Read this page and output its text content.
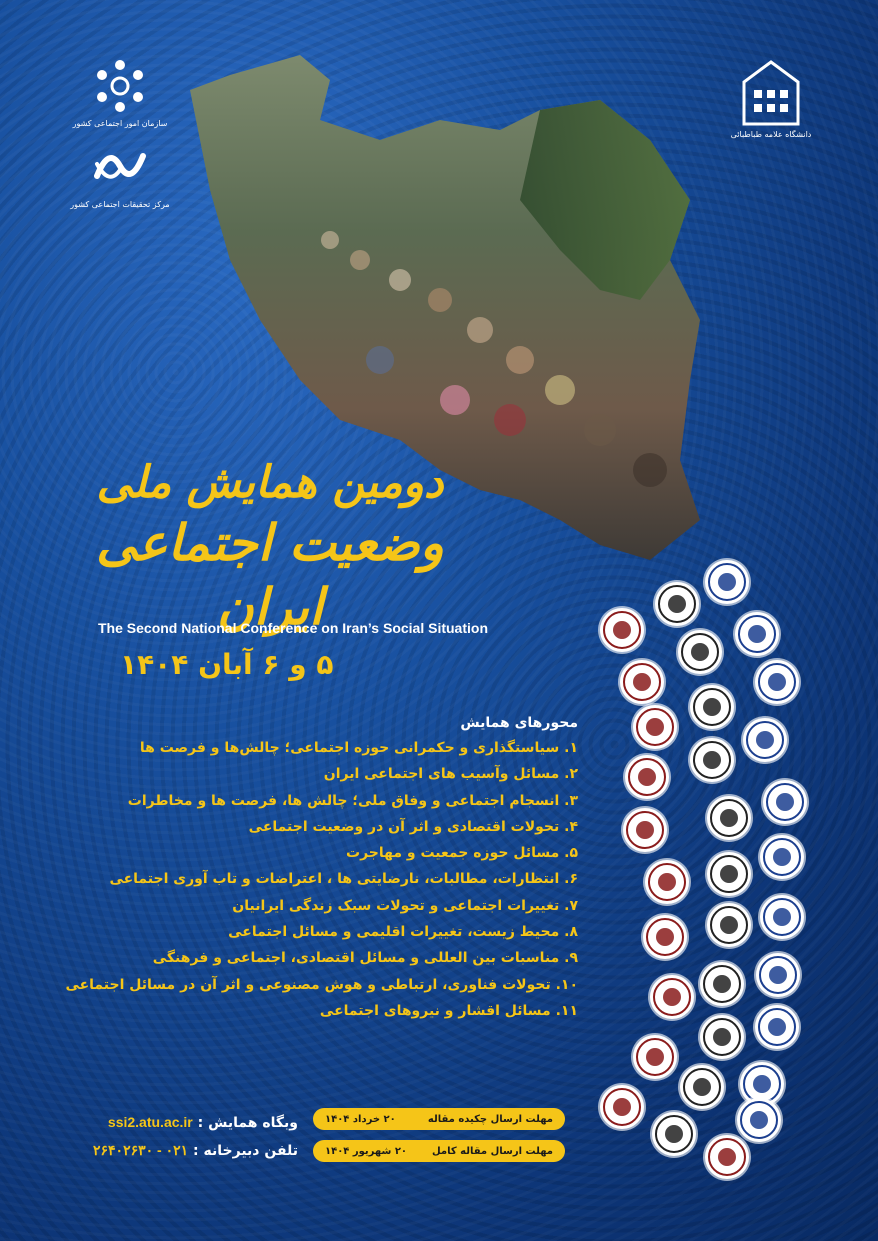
سازمان امور اجتماعی کشور
مرکز تحقیقات اجتماعی کشور
دانشگاه علامه طباطبائی
دومین همایش ملی
وضعیت اجتماعی ایران
The Second National Conference on Iran’s Social Situation
۵ و ۶ آبان ۱۴۰۴
محورهای همایش
۱. سیاستگذاری و حکمرانی حوزه اجتماعی؛ چالش‌ها و فرصت ها
۲. مسائل وآسیب های اجتماعی ایران
۳. انسجام اجتماعی و وفاق ملی؛ چالش ها، فرصت ها و مخاطرات
۴. تحولات اقتصادی و اثر آن در وضعیت اجتماعی
۵. مسائل حوزه جمعیت و مهاجرت
۶. انتظارات، مطالبات، نارضایتی ها ، اعتراضات و تاب آوری اجتماعی
۷. تغییرات اجتماعی و تحولات سبک زندگی ایرانیان
۸. محیط زیست، تغییرات اقلیمی و مسائل اجتماعی
۹. مناسبات بین العللی و مسائل اقتصادی، اجتماعی و فرهنگی
۱۰. تحولات فناوری، ارتباطی و هوش مصنوعی و اثر آن در مسائل اجتماعی
۱۱. مسائل اقشار و نیروهای اجتماعی
مهلت ارسال چکیده مقاله
۲۰ خرداد ۱۴۰۴
مهلت ارسال مقاله کامل
۲۰ شهریور ۱۴۰۴
وبگاه همایش : ssi2.atu.ac.ir
تلفن دبیرخانه : ۰۲۱ - ۲۶۴۰۲۶۳۰
